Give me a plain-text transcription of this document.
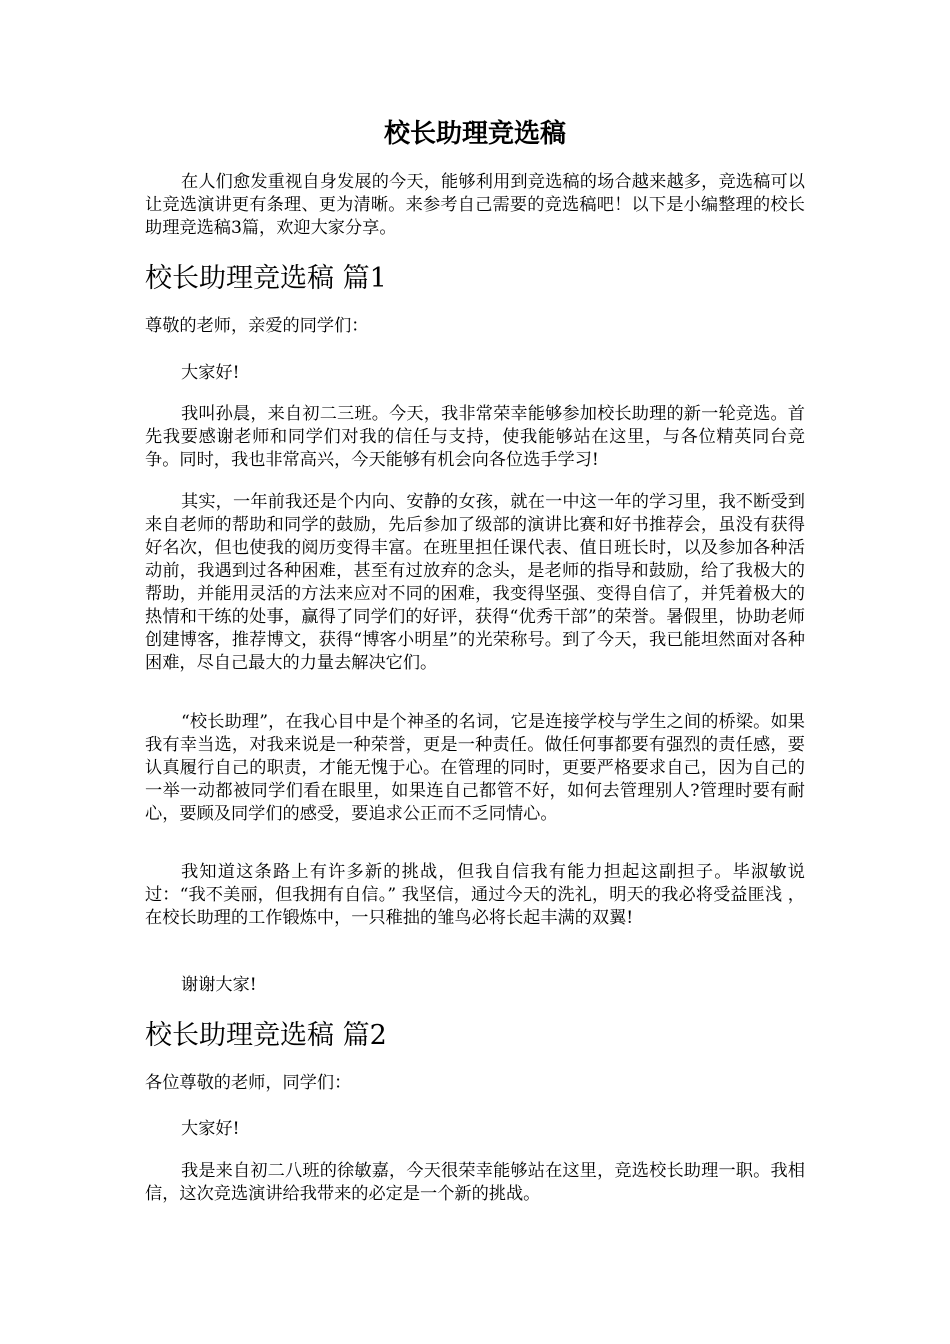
校长助理竞选稿

在人们愈发重视自身发展的今天，能够利用到竞选稿的场合越来越多，竞选稿可以让竞选演讲更有条理、更为清晰。来参考自己需要的竞选稿吧！以下是小编整理的校长助理竞选稿3篇，欢迎大家分享。

校长助理竞选稿 篇1

尊敬的老师，亲爱的同学们：

大家好!

我叫孙晨，来自初二三班。今天，我非常荣幸能够参加校长助理的新一轮竞选。首先我要感谢老师和同学们对我的信任与支持，使我能够站在这里，与各位精英同台竞争。同时，我也非常高兴，今天能够有机会向各位选手学习!

其实，一年前我还是个内向、安静的女孩，就在一中这一年的学习里，我不断受到来自老师的帮助和同学的鼓励，先后参加了级部的演讲比赛和好书推荐会，虽没有获得好名次，但也使我的阅历变得丰富。在班里担任课代表、值日班长时，以及参加各种活动前，我遇到过各种困难，甚至有过放弃的念头，是老师的指导和鼓励，给了我极大的帮助，并能用灵活的方法来应对不同的困难，我变得坚强、变得自信了，并凭着极大的热情和干练的处事，赢得了同学们的好评，获得“优秀干部”的荣誉。暑假里，协助老师创建博客，推荐博文，获得“博客小明星”的光荣称号。到了今天，我已能坦然面对各种困难，尽自己最大的力量去解决它们。

“校长助理”，在我心目中是个神圣的名词，它是连接学校与学生之间的桥梁。如果我有幸当选，对我来说是一种荣誉，更是一种责任。做任何事都要有强烈的责任感，要认真履行自己的职责，才能无愧于心。在管理的同时，更要严格要求自己，因为自己的一举一动都被同学们看在眼里，如果连自己都管不好，如何去管理别人?管理时要有耐心，要顾及同学们的感受，要追求公正而不乏同情心。

我知道这条路上有许多新的挑战，但我自信我有能力担起这副担子。毕淑敏说过：“我不美丽，但我拥有自信。” 我坚信，通过今天的洗礼，明天的我必将受益匪浅 ，在校长助理的工作锻炼中，一只稚拙的雏鸟必将长起丰满的双翼!

谢谢大家!

校长助理竞选稿 篇2

各位尊敬的老师，同学们：

大家好!

我是来自初二八班的徐敏嘉，今天很荣幸能够站在这里，竞选校长助理一职。我相信，这次竞选演讲给我带来的必定是一个新的挑战。
